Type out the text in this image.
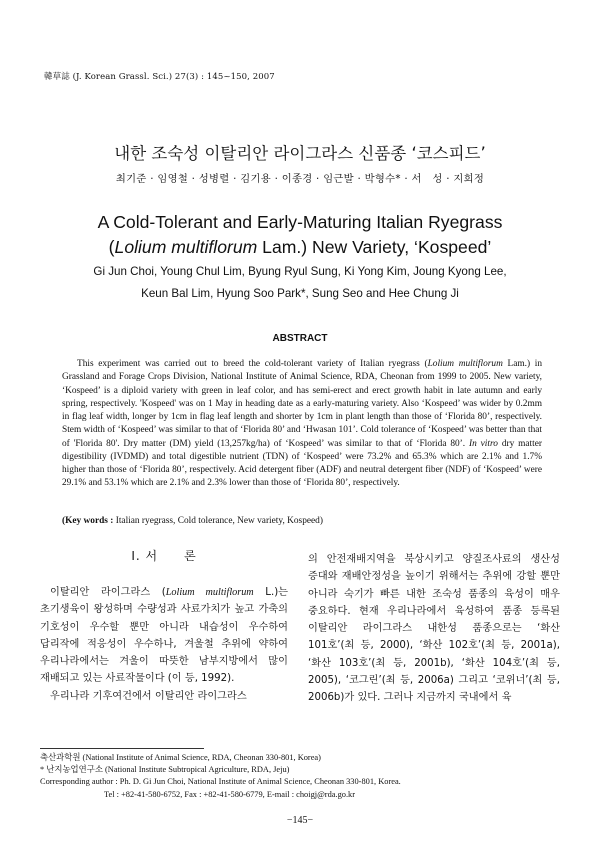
韓草誌 (J. Korean Grassl. Sci.) 27(3) : 145~150, 2007
내한 조숙성 이탈리안 라이그라스 신품종 ‘코스피드’
최기준 · 임영철 · 성병렬 · 김기용 · 이종경 · 임근발 · 박형수* · 서　성 · 지희정
A Cold-Tolerant and Early-Maturing Italian Ryegrass
(Lolium multiflorum Lam.) New Variety, ‘Kospeed’
Gi Jun Choi, Young Chul Lim, Byung Ryul Sung, Ki Yong Kim, Joung Kyong Lee,
Keun Bal Lim, Hyung Soo Park*, Sung Seo and Hee Chung Ji
ABSTRACT
This experiment was carried out to breed the cold-tolerant variety of Italian ryegrass (Lolium multiflorum Lam.) in Grassland and Forage Crops Division, National Institute of Animal Science, RDA, Cheonan from 1999 to 2005. New variety, ‘Kospeed’ is a diploid variety with green in leaf color, and has semi-erect and erect growth habit in late autumn and early spring, respectively. 'Kospeed' was on 1 May in heading date as a early-maturing variety. Also ‘Kospeed’ was wider by 0.2mm in flag leaf width, longer by 1cm in flag leaf length and shorter by 1cm in plant length than those of ‘Florida 80’, respectively. Stem width of ‘Kospeed’ was similar to that of ‘Florida 80’ and ‘Hwasan 101’. Cold tolerance of ‘Kospeed’ was better than that of 'Florida 80'. Dry matter (DM) yield (13,257kg/ha) of ‘Kospeed’ was similar to that of ‘Florida 80’. In vitro dry matter digestibility (IVDMD) and total digestible nutrient (TDN) of ‘Kospeed’ were 73.2% and 65.3% which are 2.1% and 1.7% higher than those of ‘Florida 80’, respectively. Acid detergent fiber (ADF) and neutral detergent fiber (NDF) of ‘Kospeed’ were 29.1% and 53.1% which are 2.1% and 2.3% lower than those of ‘Florida 80’, respectively.
(Key words : Italian ryegrass, Cold tolerance, New variety, Kospeed)
Ⅰ. 서　　론
이탈리안 라이그라스 (Lolium multiflorum L.)는 초기생육이 왕성하며 수량성과 사료가치가 높고 가축의 기호성이 우수할 뿐만 아니라 내습성이 우수하여 답리작에 적응성이 우수하나, 겨울철 추위에 약하여 우리나라에서는 겨울이 따뜻한 남부지방에서 많이 재배되고 있는 사료작물이다 (이 등, 1992).
우리나라 기후여건에서 이탈리안 라이그라스
의 안전재배지역을 북상시키고 양질조사료의 생산성 증대와 재배안정성을 높이기 위해서는 추위에 강할 뿐만 아니라 숙기가 빠른 내한 조숙성 품종의 육성이 매우 중요하다. 현재 우리나라에서 육성하여 품종 등록된 이탈리안 라이그라스 내한성 품종으로는 ‘화산 101호’(최 등, 2000), ‘화산 102호’(최 등, 2001a), ‘화산 103호’(최 등, 2001b), ‘화산 104호’(최 등, 2005), ‘코그린’(최 등, 2006a) 그리고 ‘코위너’(최 등, 2006b)가 있다. 그러나 지금까지 국내에서 육
축산과학원 (National Institute of Animal Science, RDA, Cheonan 330-801, Korea)
* 난지농업연구소 (National Institute Subtropical Agriculture, RDA, Jeju)
Corresponding author : Ph. D. Gi Jun Choi, National Institute of Animal Science, Cheonan 330-801, Korea.
Tel : +82-41-580-6752, Fax : +82-41-580-6779, E-mail : choigj@rda.go.kr
−145−
